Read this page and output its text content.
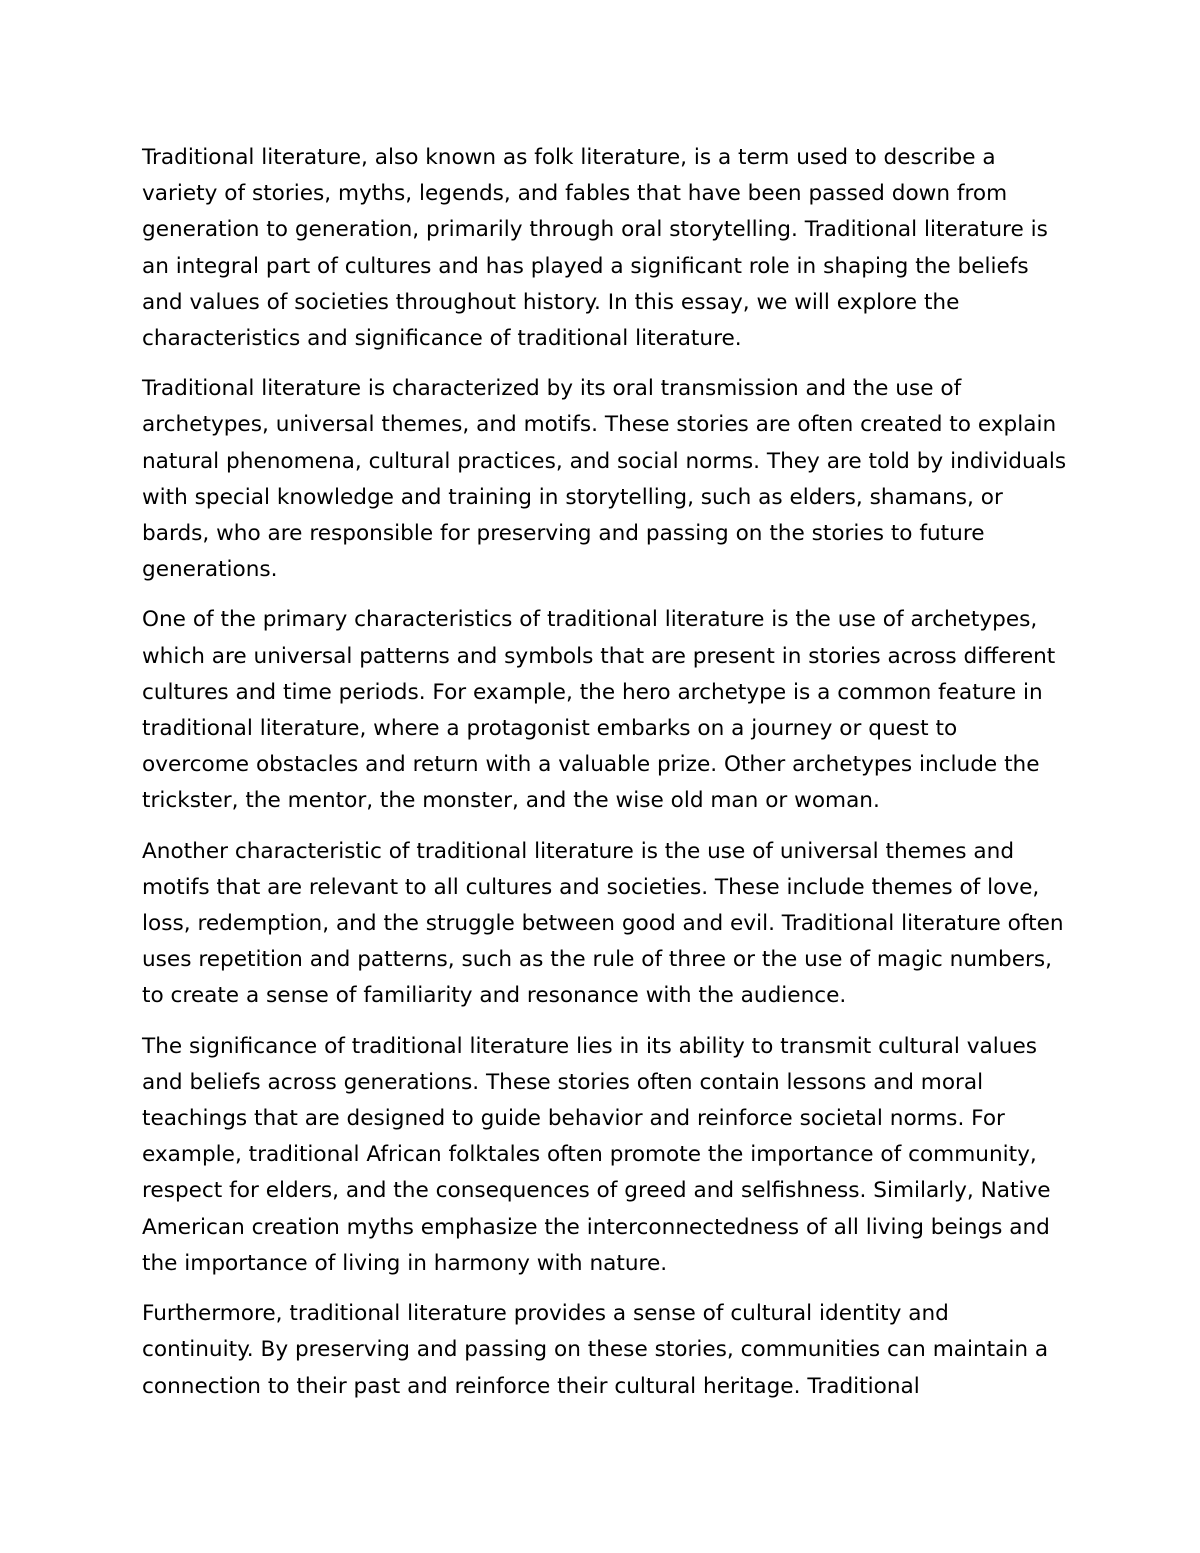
Traditional literature, also known as folk literature, is a term used to describe a variety of stories, myths, legends, and fables that have been passed down from generation to generation, primarily through oral storytelling. Traditional literature is an integral part of cultures and has played a significant role in shaping the beliefs and values of societies throughout history. In this essay, we will explore the characteristics and significance of traditional literature.

Traditional literature is characterized by its oral transmission and the use of archetypes, universal themes, and motifs. These stories are often created to explain natural phenomena, cultural practices, and social norms. They are told by individuals with special knowledge and training in storytelling, such as elders, shamans, or bards, who are responsible for preserving and passing on the stories to future generations.

One of the primary characteristics of traditional literature is the use of archetypes, which are universal patterns and symbols that are present in stories across different cultures and time periods. For example, the hero archetype is a common feature in traditional literature, where a protagonist embarks on a journey or quest to overcome obstacles and return with a valuable prize. Other archetypes include the trickster, the mentor, the monster, and the wise old man or woman.

Another characteristic of traditional literature is the use of universal themes and motifs that are relevant to all cultures and societies. These include themes of love, loss, redemption, and the struggle between good and evil. Traditional literature often uses repetition and patterns, such as the rule of three or the use of magic numbers, to create a sense of familiarity and resonance with the audience.

The significance of traditional literature lies in its ability to transmit cultural values and beliefs across generations. These stories often contain lessons and moral teachings that are designed to guide behavior and reinforce societal norms. For example, traditional African folktales often promote the importance of community, respect for elders, and the consequences of greed and selfishness. Similarly, Native American creation myths emphasize the interconnectedness of all living beings and the importance of living in harmony with nature.

Furthermore, traditional literature provides a sense of cultural identity and continuity. By preserving and passing on these stories, communities can maintain a connection to their past and reinforce their cultural heritage. Traditional
